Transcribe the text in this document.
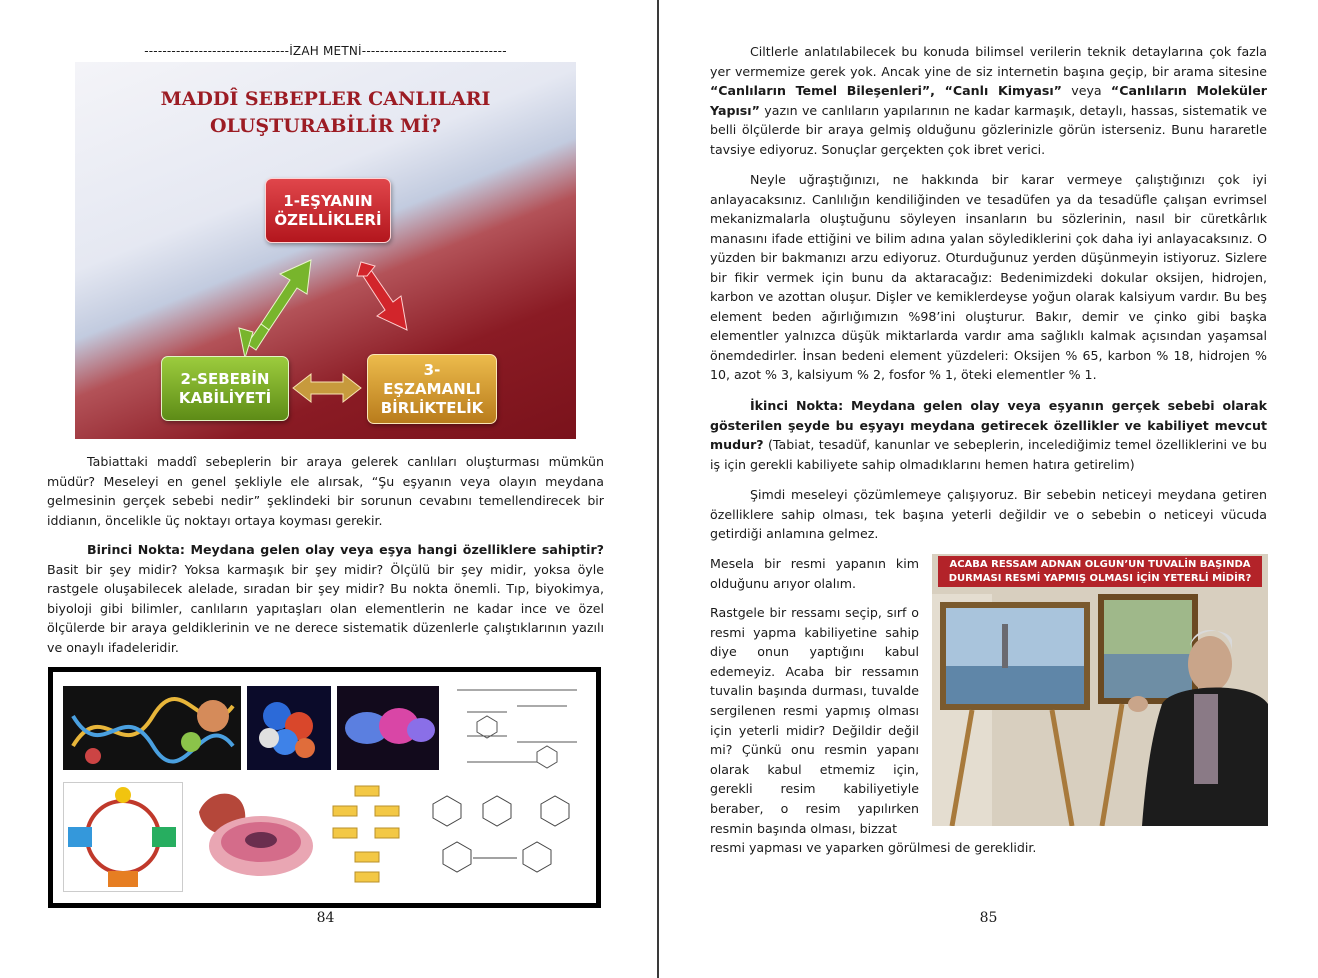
--------------------------------İZAH METNİ--------------------------------
MADDÎ SEBEPLER CANLILARI
OLUŞTURABİLİR Mİ?
1-EŞYANIN
ÖZELLİKLERİ
2-SEBEBİN
KABİLİYETİ
3-
EŞZAMANLI
BİRLİKTELİK

Tabiattaki maddî sebeplerin bir araya gelerek canlıları oluşturması mümkün müdür? Meseleyi en genel şekliyle ele alırsak, “Şu eşyanın veya olayın meydana gelmesinin gerçek sebebi nedir” şeklindeki bir sorunun cevabını temellendirecek bir iddianın, öncelikle üç noktayı ortaya koyması gerekir.

Birinci Nokta: Meydana gelen olay veya eşya hangi özelliklere sahiptir? Basit bir şey midir? Yoksa karmaşık bir şey midir? Ölçülü bir şey midir, yoksa öyle rastgele oluşabilecek alelade, sıradan bir şey midir? Bu nokta önemli. Tıp, biyokimya, biyoloji gibi bilimler, canlıların yapıtaşları olan elementlerin ne kadar ince ve özel ölçülerde bir araya geldiklerinin ve ne derece sistematik düzenlerle çalıştıklarının yazılı ve onaylı ifadeleridir.

84

Ciltlerle anlatılabilecek bu konuda bilimsel verilerin teknik detaylarına çok fazla yer vermemize gerek yok. Ancak yine de siz internetin başına geçip, bir arama sitesine “Canlıların Temel Bileşenleri”, “Canlı Kimyası” veya “Canlıların Moleküler Yapısı” yazın ve canlıların yapılarının ne kadar karmaşık, detaylı, hassas, sistematik ve belli ölçülerde bir araya gelmiş olduğunu gözlerinizle görün isterseniz. Bunu hararetle tavsiye ediyoruz. Sonuçlar gerçekten çok ibret verici.

Neyle uğraştığınızı, ne hakkında bir karar vermeye çalıştığınızı çok iyi anlayacaksınız. Canlılığın kendiliğinden ve tesadüfen ya da tesadüfle çalışan evrimsel mekanizmalarla oluştuğunu söyleyen insanların bu sözlerinin, nasıl bir cüretkârlık manasını ifade ettiğini ve bilim adına yalan söylediklerini çok daha iyi anlayacaksınız. O yüzden bir bakmanızı arzu ediyoruz. Oturduğunuz yerden düşünmeyin istiyoruz. Sizlere bir fikir vermek için bunu da aktaracağız: Bedenimizdeki dokular oksijen, hidrojen, karbon ve azottan oluşur. Dişler ve kemiklerdeyse yoğun olarak kalsiyum vardır. Bu beş element beden ağırlığımızın %98’ini oluşturur. Bakır, demir ve çinko gibi başka elementler yalnızca düşük miktarlarda vardır ama sağlıklı kalmak açısından yaşamsal önemdedirler. İnsan bedeni element yüzdeleri: Oksijen % 65, karbon % 18, hidrojen % 10, azot % 3, kalsiyum % 2, fosfor % 1, öteki elementler % 1.

İkinci Nokta: Meydana gelen olay veya eşyanın gerçek sebebi olarak gösterilen şeyde bu eşyayı meydana getirecek özellikler ve kabiliyet mevcut mudur? (Tabiat, tesadüf, kanunlar ve sebeplerin, incelediğimiz temel özelliklerini ve bu iş için gerekli kabiliyete sahip olmadıklarını hemen hatıra getirelim)

Şimdi meseleyi çözümlemeye çalışıyoruz. Bir sebebin neticeyi meydana getiren özelliklere sahip olması, tek başına yeterli değildir ve o sebebin o neticeyi vücuda getirdiği anlamına gelmez.

Mesela bir resmi yapanın kim olduğunu arıyor olalım.

Rastgele bir ressamı seçip, sırf o resmi yapma kabiliyetine sahip diye onun yaptığını kabul edemeyiz. Acaba bir ressamın tuvalin başında durması, tuvalde sergilenen resmi yapmış olması için yeterli midir? Değildir değil mi? Çünkü onu resmin yapanı olarak kabul etmemiz için, gerekli resim kabiliyetiyle beraber, o resim yapılırken resmin başında olması, bizzat

resmi yapması ve yaparken görülmesi de gereklidir.

ACABA RESSAM ADNAN OLGUN’UN TUVALİN BAŞINDA
DURMASI RESMİ YAPMIŞ OLMASI İÇİN YETERLİ MİDİR?
85
